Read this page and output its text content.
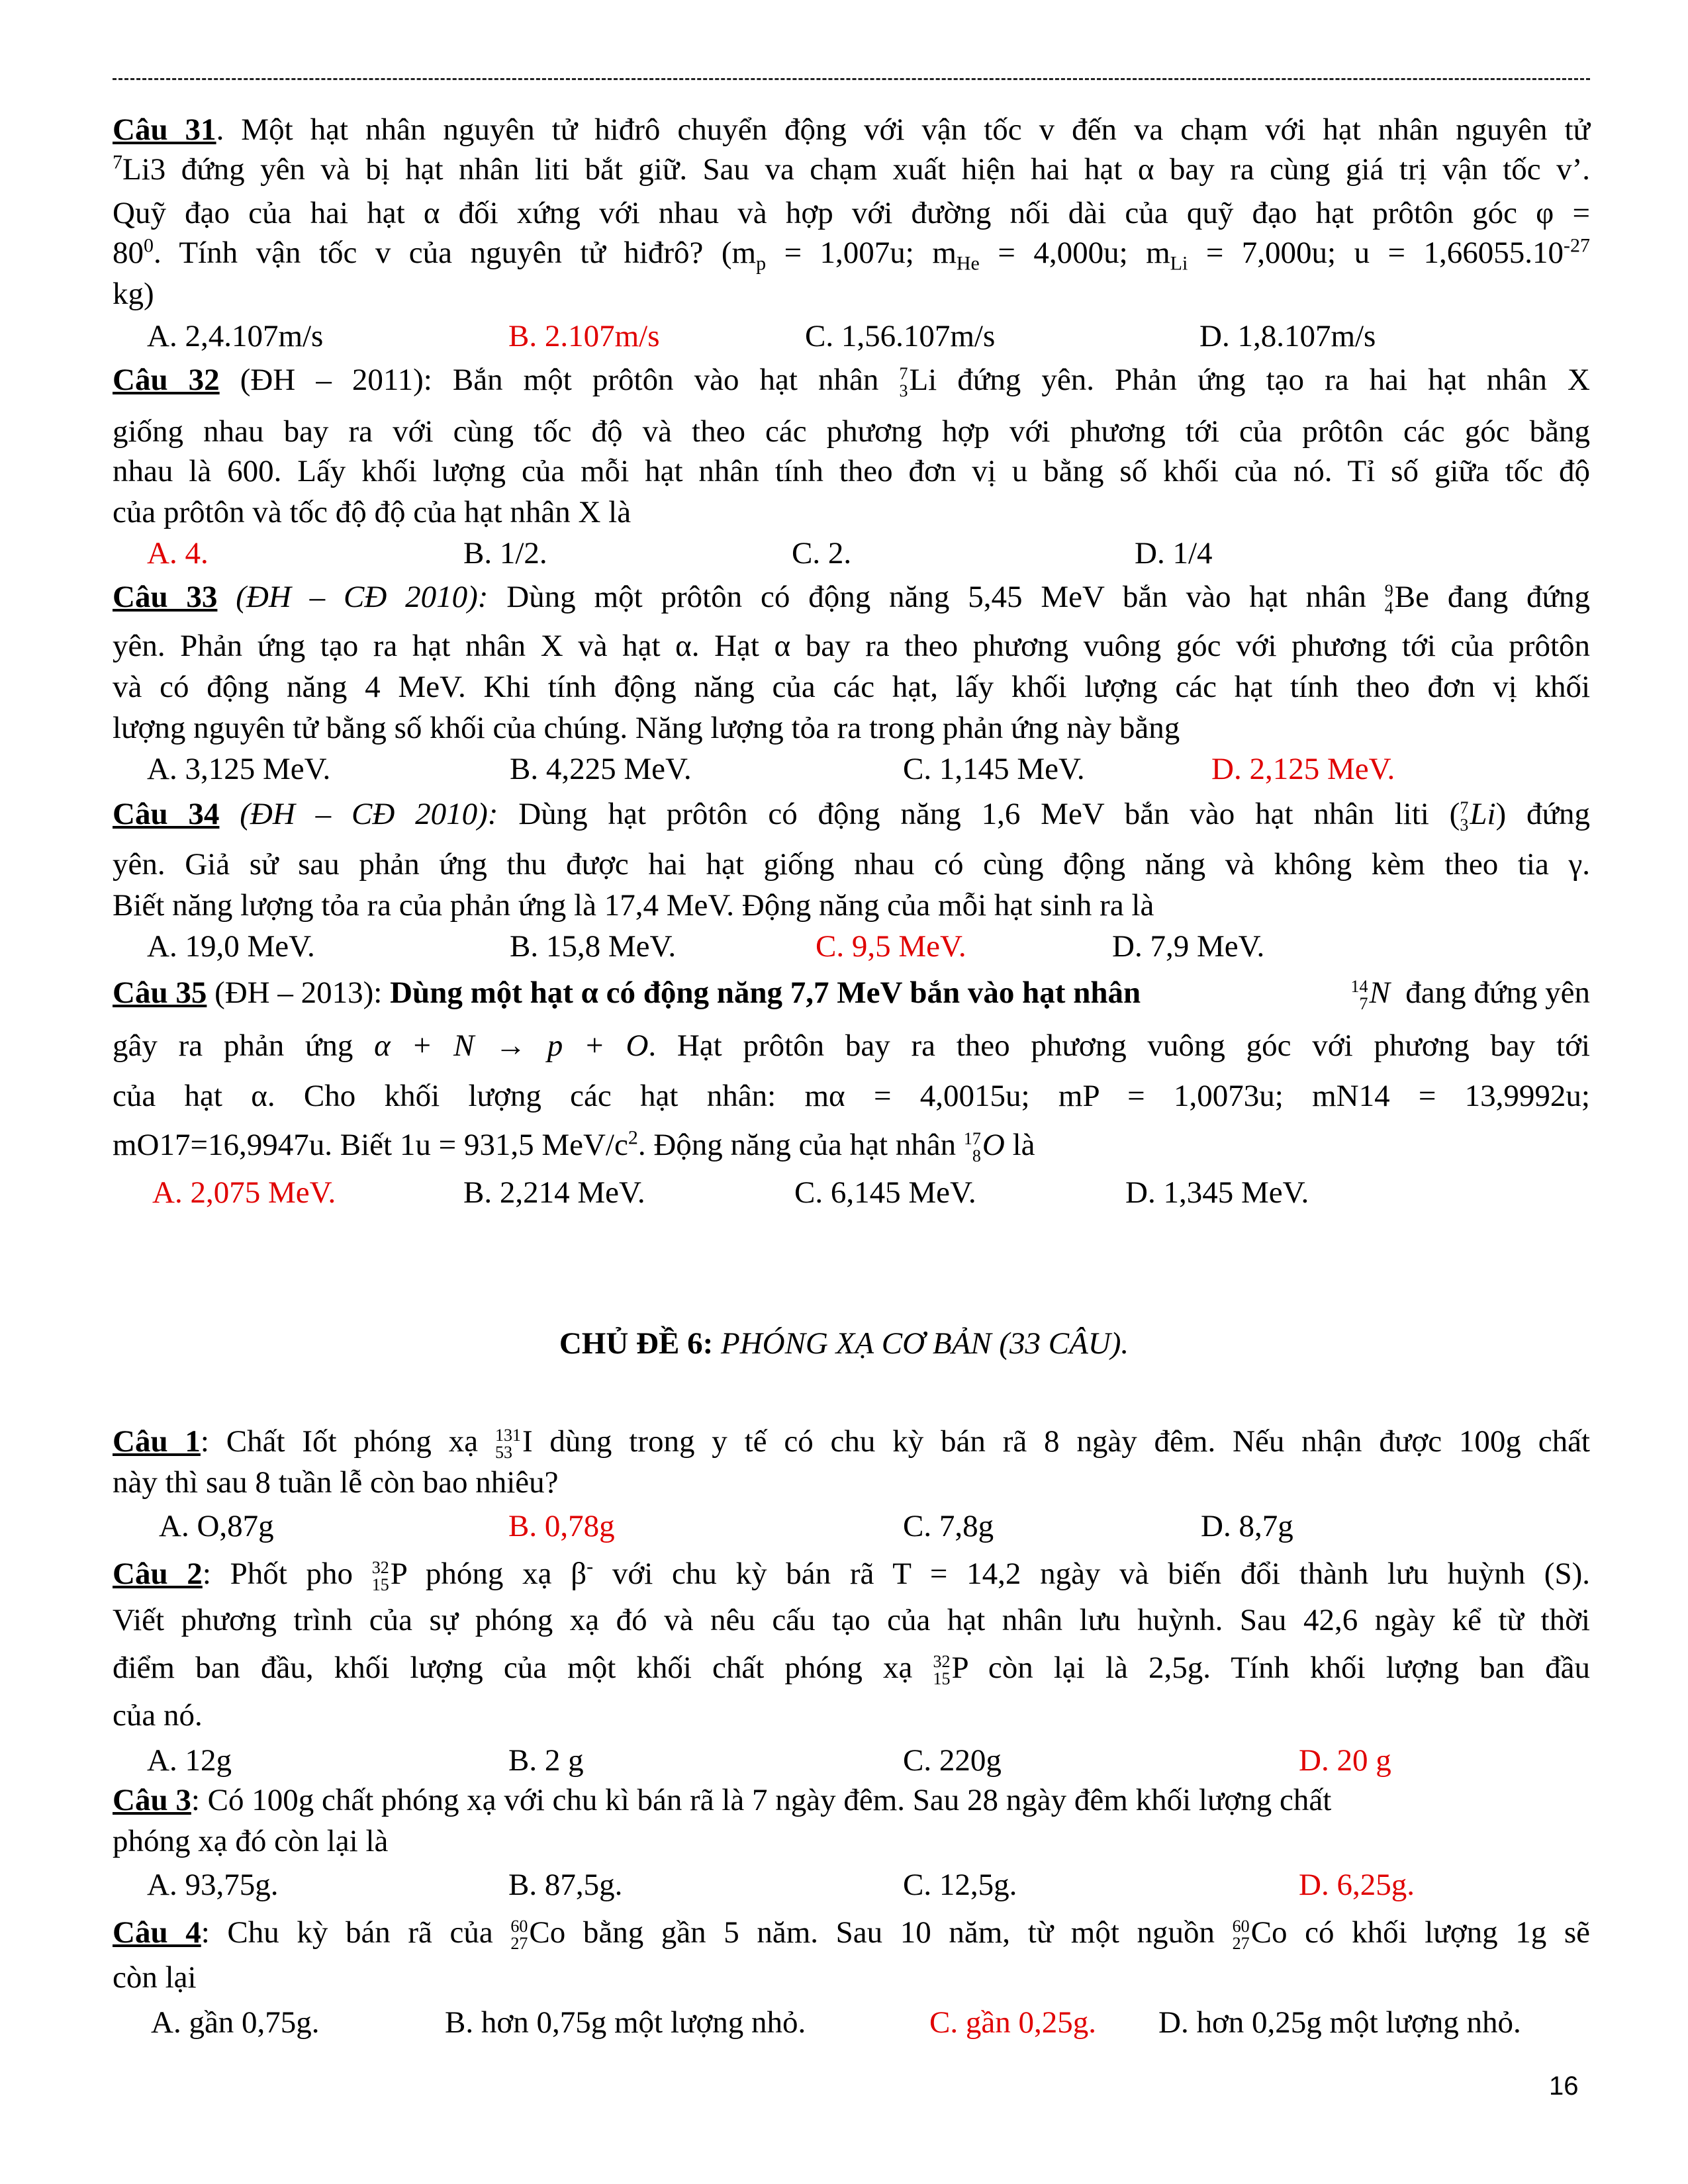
Câu 31. Một hạt nhân nguyên tử hiđrô chuyển động với vận tốc v đến va chạm với hạt nhân nguyên tử
$^7$Li3 đứng yên và bị hạt nhân liti bắt giữ. Sau va chạm xuất hiện hai hạt α bay ra cùng giá trị vận tốc v’.
Quỹ đạo của hai hạt α đối xứng với nhau và hợp với đường nối dài của quỹ đạo hạt prôtôn góc φ =
$80^0$. Tính vận tốc v của nguyên tử hiđrô? ($m_p = 1,007u$; $m_{He} = 4,000u$; $m_{Li} = 7,000u$; $u = 1,66055.10^{-27}$
kg)
A. 2,4.107m/s	B. 2.107m/s	C. 1,56.107m/s	D. 1,8.107m/s
Câu 32 (ĐH – 2011): Bắn một prôtôn vào hạt nhân 7
3 Li đứng yên. Phản ứng tạo ra hai hạt nhân X
giống nhau bay ra với cùng tốc độ và theo các phương hợp với phương tới của prôtôn các góc bằng
nhau là 600. Lấy khối lượng của mỗi hạt nhân tính theo đơn vị u bằng số khối của nó. Tỉ số giữa tốc độ
của prôtôn và tốc độ độ của hạt nhân X là
A. 4.	B. 1/2.	C. 2.	D. 1/4
Câu 33 (ĐH – CĐ 2010): Dùng một prôtôn có động năng 5,45 MeV bắn vào hạt nhân 9
4 Be đang đứng
yên. Phản ứng tạo ra hạt nhân X và hạt α. Hạt α bay ra theo phương vuông góc với phương tới của prôtôn
và có động năng 4 MeV. Khi tính động năng của các hạt, lấy khối lượng các hạt tính theo đơn vị khối
lượng nguyên tử bằng số khối của chúng. Năng lượng tỏa ra trong phản ứng này bằng
A. 3,125 MeV.	B. 4,225 MeV.	C. 1,145 MeV.	D. 2,125 MeV.
Câu 34 (ĐH – CĐ 2010): Dùng hạt prôtôn có động năng 1,6 MeV bắn vào hạt nhân liti ( 7
3 Li) đứng
yên. Giả sử sau phản ứng thu được hai hạt giống nhau có cùng động năng và không kèm theo tia γ.
Biết năng lượng tỏa ra của phản ứng là 17,4 MeV. Động năng của mỗi hạt sinh ra là
A. 19,0 MeV.	B. 15,8 MeV.	C. 9,5 MeV.	D. 7,9 MeV.
Câu 35 (ĐH – 2013): Dùng một hạt α có động năng 7,7 MeV bắn vào hạt nhân	14
7 N đang đứng yên
gây ra phản ứng α + N → p + O. Hạt prôtôn bay ra theo phương vuông góc với phương bay tới
của hạt α. Cho khối lượng các hạt nhân: mα = 4,0015u; mP = 1,0073u; mN14 = 13,9992u;
mO17=16,9947u. Biết 1u = 931,5 MeV/$c^2$. Động năng của hạt nhân 17
8 O là
A. 2,075 MeV.	B. 2,214 MeV.	C. 6,145 MeV.	D. 1,345 MeV.
CHỦ ĐỀ 6: PHÓNG XẠ CƠ BẢN (33 CÂU).
Câu 1: Chất Iốt phóng xạ 131
53 I dùng trong y tế có chu kỳ bán rã 8 ngày đêm. Nếu nhận được 100g chất
này thì sau 8 tuần lễ còn bao nhiêu?
A. O,87g	B. 0,78g	C. 7,8g	D. 8,7g
Câu 2: Phốt pho 32
15 P phóng xạ β- với chu kỳ bán rã T = 14,2 ngày và biến đổi thành lưu huỳnh (S).
Viết phương trình của sự phóng xạ đó và nêu cấu tạo của hạt nhân lưu huỳnh. Sau 42,6 ngày kể từ thời
điểm ban đầu, khối lượng của một khối chất phóng xạ 32
15 P còn lại là 2,5g. Tính khối lượng ban đầu
của nó.
A. 12g	B. 2 g	C. 220g	D. 20 g
Câu 3: Có 100g chất phóng xạ với chu kì bán rã là 7 ngày đêm. Sau 28 ngày đêm khối lượng chất
phóng xạ đó còn lại là
A. 93,75g.	B. 87,5g.	C. 12,5g.	D. 6,25g.
Câu 4: Chu kỳ bán rã của 60
27 Co bằng gần 5 năm. Sau 10 năm, từ một nguồn 60
27 Co có khối lượng 1g sẽ
còn lại
A. gần 0,75g.	B. hơn 0,75g một lượng nhỏ.	C. gần 0,25g. D. hơn 0,25g một lượng nhỏ.
16
